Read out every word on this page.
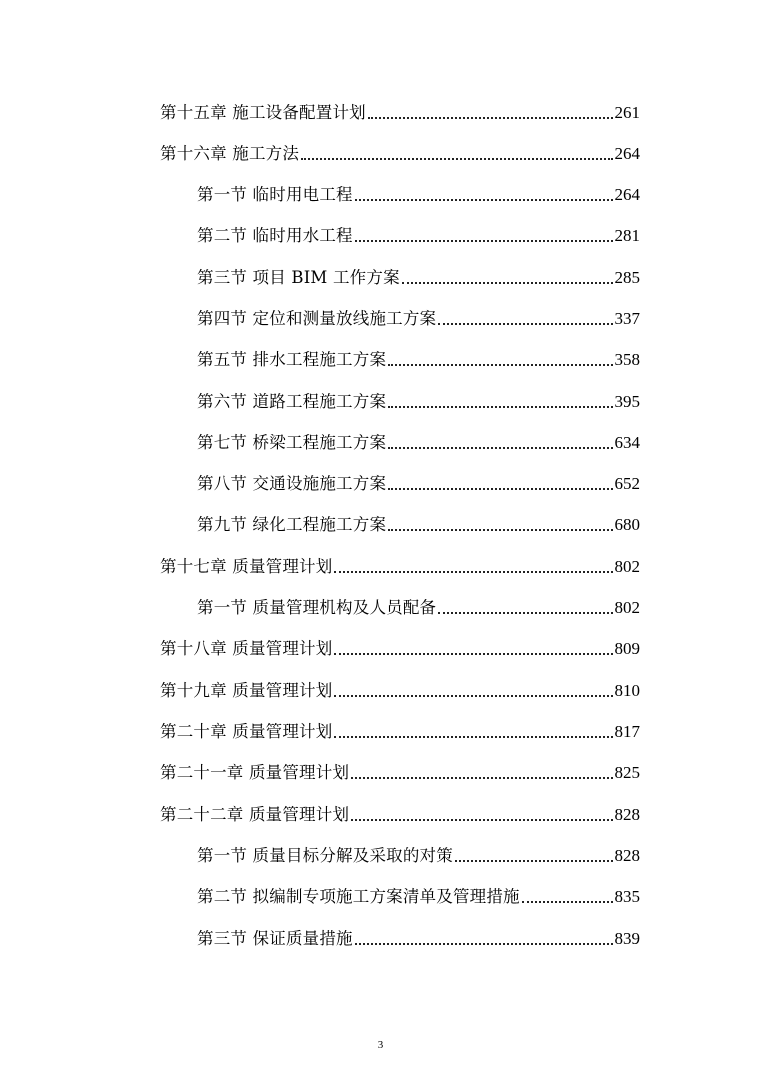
第十五章 施工设备配置计划	261
第十六章 施工方法	264
第一节 临时用电工程	264
第二节 临时用水工程	281
第三节 项目 BIM 工作方案	285
第四节 定位和测量放线施工方案	337
第五节 排水工程施工方案	358
第六节 道路工程施工方案	395
第七节 桥梁工程施工方案	634
第八节 交通设施施工方案	652
第九节 绿化工程施工方案	680
第十七章 质量管理计划	802
第一节 质量管理机构及人员配备	802
第十八章 质量管理计划	809
第十九章 质量管理计划	810
第二十章 质量管理计划	817
第二十一章 质量管理计划	825
第二十二章 质量管理计划	828
第一节 质量目标分解及采取的对策	828
第二节 拟编制专项施工方案清单及管理措施	835
第三节 保证质量措施	839
3
